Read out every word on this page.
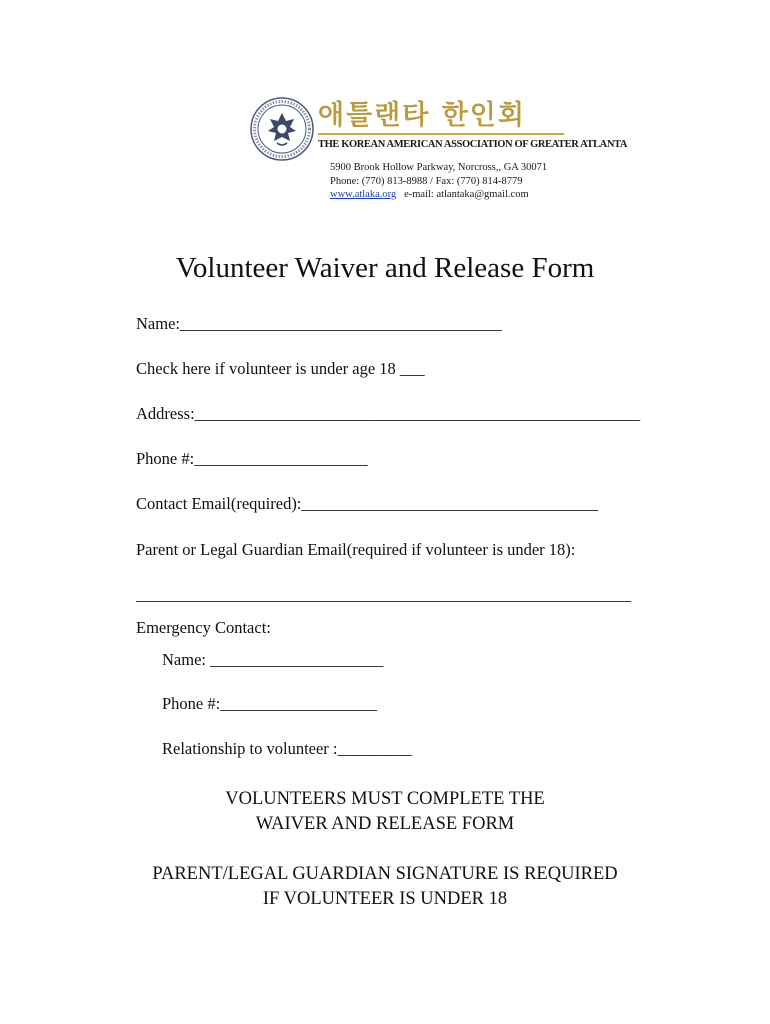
애틀랜타 한인회
THE KOREAN AMERICAN ASSOCIATION OF GREATER ATLANTA
5900 Brook Hollow Parkway, Norcross,, GA 30071
Phone: (770) 813-8988 / Fax: (770) 814-8779
www.atlaka.org e-mail: atlantaka@gmail.com
Volunteer Waiver and Release Form
Name:_______________________________________
Check here if volunteer is under age 18 ___
Address:______________________________________________________
Phone #:_____________________
Contact Email(required):____________________________________
Parent or Legal Guardian Email(required if volunteer is under 18):
____________________________________________________________
Emergency Contact:
Name: _____________________
Phone #:___________________
Relationship to volunteer :_________
VOLUNTEERS MUST COMPLETE THE
WAIVER AND RELEASE FORM
PARENT/LEGAL GUARDIAN SIGNATURE IS REQUIRED
IF VOLUNTEER IS UNDER 18
